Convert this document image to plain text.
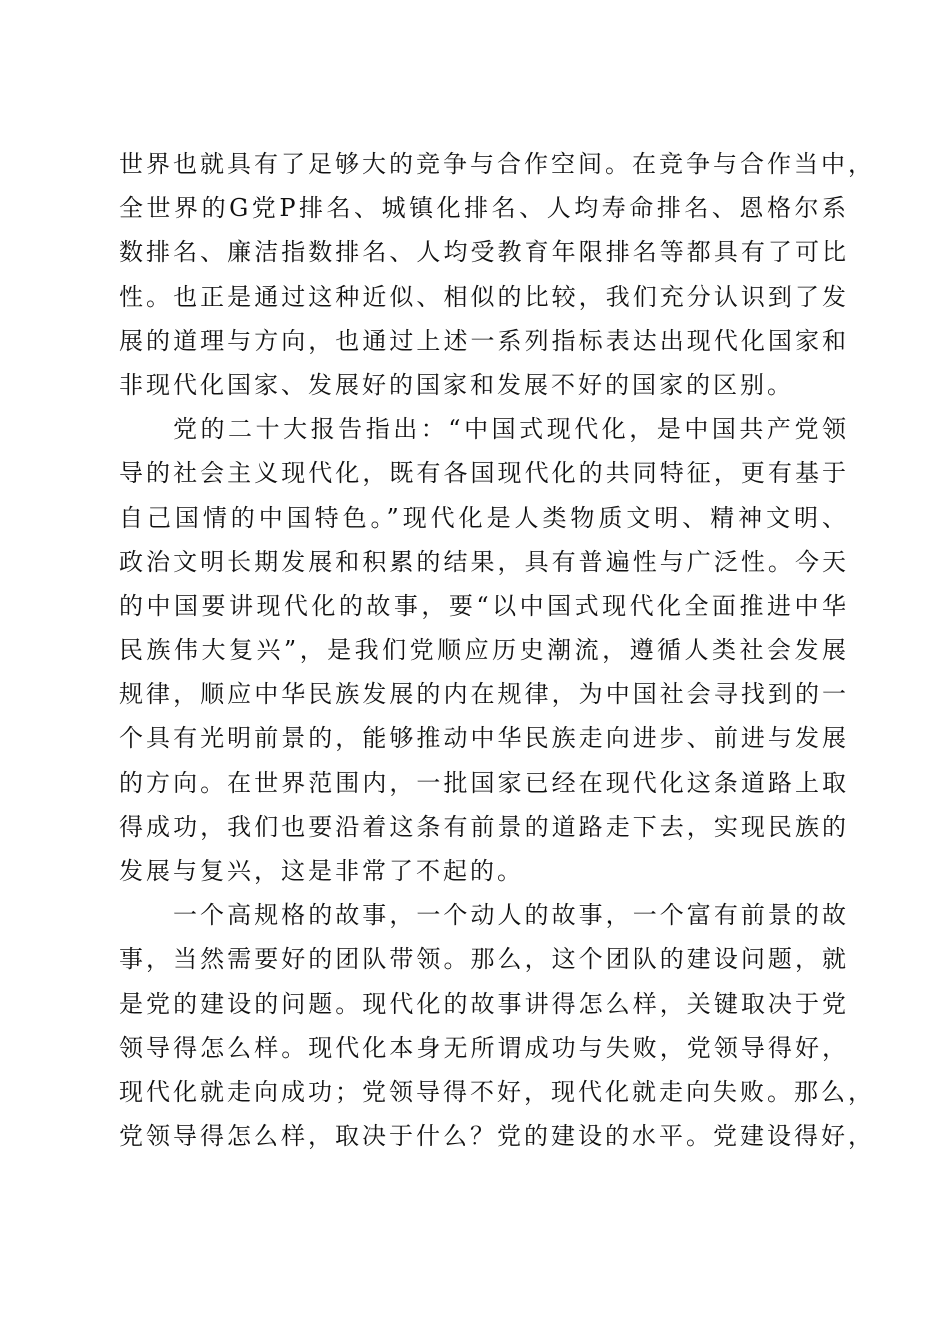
世界也就具有了足够大的竞争与合作空间。在竞争与合作当中，
全世界的G党P排名、城镇化排名、人均寿命排名、恩格尔系
数排名、廉洁指数排名、人均受教育年限排名等都具有了可比
性。也正是通过这种近似、相似的比较，我们充分认识到了发
展的道理与方向，也通过上述一系列指标表达出现代化国家和
非现代化国家、发展好的国家和发展不好的国家的区别。
党的二十大报告指出：“中国式现代化，是中国共产党领
导的社会主义现代化，既有各国现代化的共同特征，更有基于
自己国情的中国特色。”现代化是人类物质文明、精神文明、
政治文明长期发展和积累的结果，具有普遍性与广泛性。今天
的中国要讲现代化的故事，要“以中国式现代化全面推进中华
民族伟大复兴”，是我们党顺应历史潮流，遵循人类社会发展
规律，顺应中华民族发展的内在规律，为中国社会寻找到的一
个具有光明前景的，能够推动中华民族走向进步、前进与发展
的方向。在世界范围内，一批国家已经在现代化这条道路上取
得成功，我们也要沿着这条有前景的道路走下去，实现民族的
发展与复兴，这是非常了不起的。
一个高规格的故事，一个动人的故事，一个富有前景的故
事，当然需要好的团队带领。那么，这个团队的建设问题，就
是党的建设的问题。现代化的故事讲得怎么样，关键取决于党
领导得怎么样。现代化本身无所谓成功与失败，党领导得好，
现代化就走向成功；党领导得不好，现代化就走向失败。那么，
党领导得怎么样，取决于什么？党的建设的水平。党建设得好，
